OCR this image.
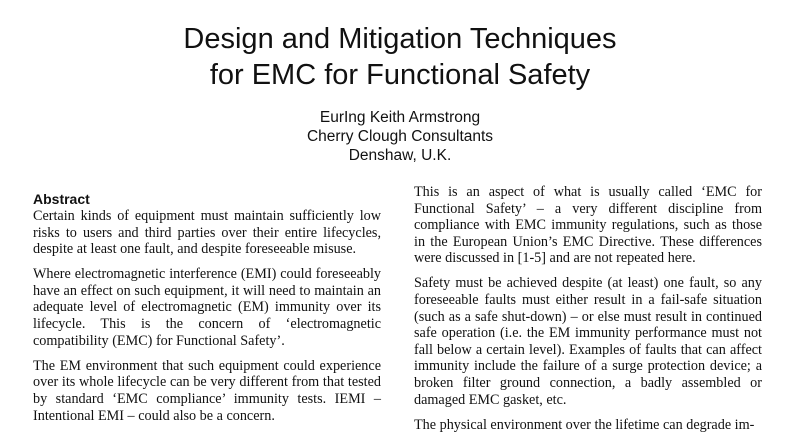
Design and Mitigation Techniques
for EMC for Functional Safety
EurIng Keith Armstrong
Cherry Clough Consultants
Denshaw, U.K.
Abstract

Certain kinds of equipment must maintain sufficiently low risks to users and third parties over their entire lifecycles, despite at least one fault, and despite foreseeable misuse.

Where electromagnetic interference (EMI) could foreseeably have an effect on such equipment, it will need to maintain an adequate level of electromagnetic (EM) immunity over its lifecycle. This is the concern of ‘electromagnetic compatibility (EMC) for Functional Safety’.

The EM environment that such equipment could experience over its whole lifecycle can be very different from that tested by standard ‘EMC compliance’ immunity tests. IEMI – Intentional EMI – could also be a concern.

This is an aspect of what is usually called ‘EMC for Functional Safety’ – a very different discipline from compliance with EMC immunity regulations, such as those in the European Union’s EMC Directive. These differences were discussed in [1-5] and are not repeated here.

Safety must be achieved despite (at least) one fault, so any foreseeable faults must either result in a fail-safe situation (such as a safe shut-down) – or else must result in continued safe operation (i.e. the EM immunity performance must not fall below a certain level). Examples of faults that can affect immunity include the failure of a surge protection device; a broken filter ground connection, a badly assembled or damaged EMC gasket, etc.

The physical environment over the lifetime can degrade im-
